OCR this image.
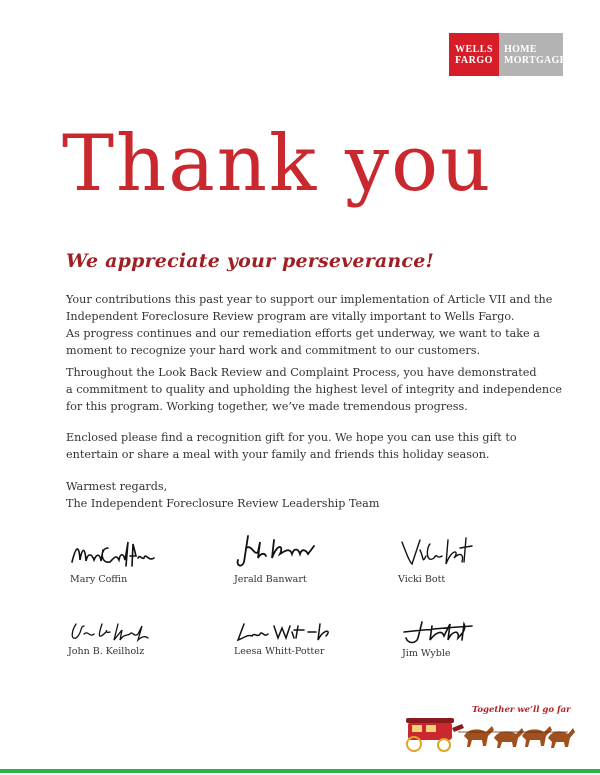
WELLS
FARGO
HOME
MORTGAGE
Thank you
We appreciate your perseverance!
Your contributions this past year to support our implementation of Article VII and the
Independent Foreclosure Review program are vitally important to Wells Fargo.
As progress continues and our remediation efforts get underway, we want to take a
moment to recognize your hard work and commitment to our customers.
Throughout the Look Back Review and Complaint Process, you have demonstrated
a commitment to quality and upholding the highest level of integrity and independence
for this program. Working together, we’ve made tremendous progress.
Enclosed please find a recognition gift for you. We hope you can use this gift to
entertain or share a meal with your family and friends this holiday season.
Warmest regards,
The Independent Foreclosure Review Leadership Team
Mary Coffin	Jerald Banwart	Vicki Bott
John B. Keilholz	Leesa Whitt-Potter	Jim Wyble
Together we’ll go far
